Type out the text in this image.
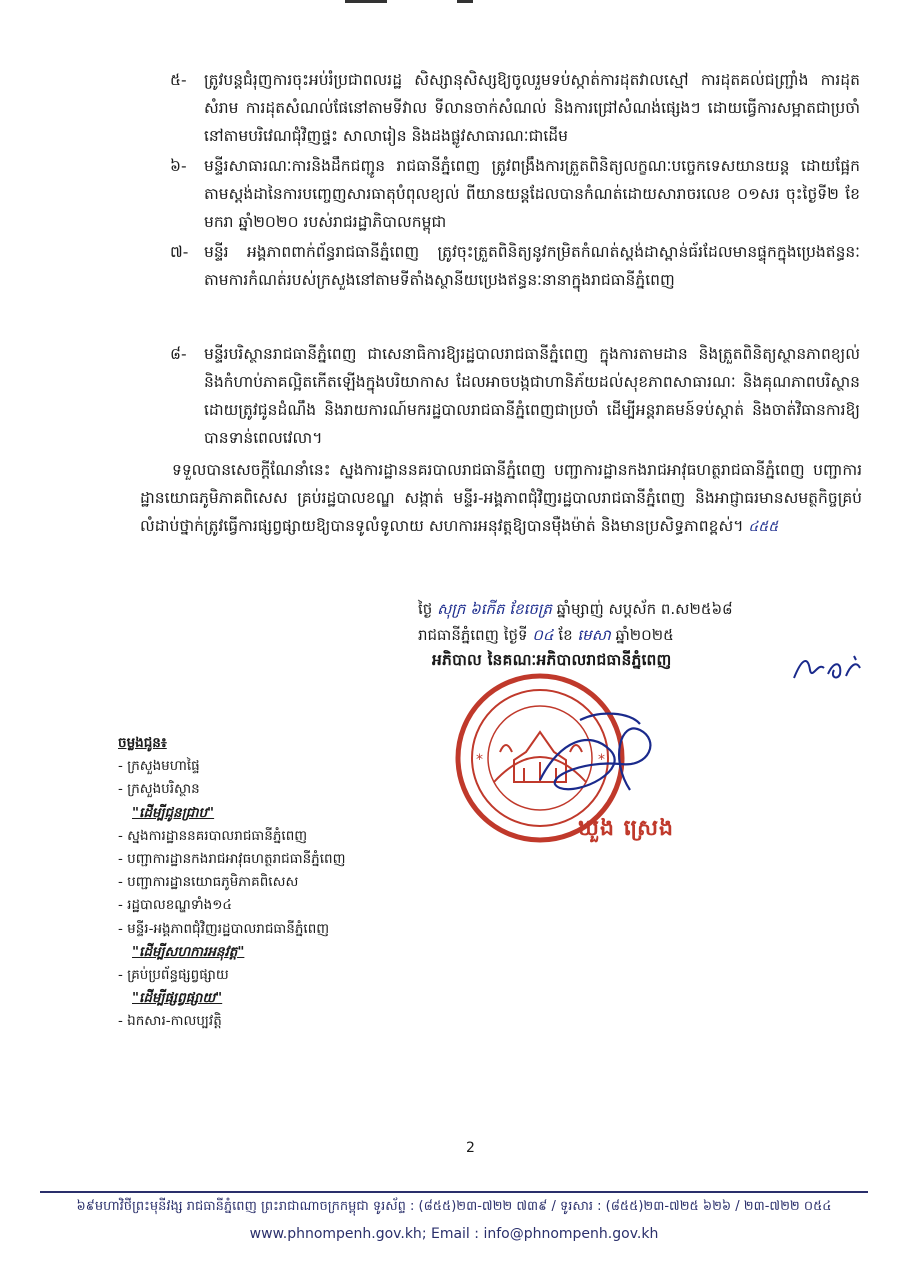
៥-	ត្រូវបន្តជំរុញការចុះអប់រំប្រជាពលរដ្ឋ សិស្សានុសិស្សឱ្យចូលរួមទប់ស្កាត់ការដុតវាលស្មៅ ការដុតគល់ជញ្ជ្រាំង ការដុតសំរាម ការដុតសំណល់ផែនៅតាមទីវាល ទីលានចាក់សំណល់ និងការជ្រៅសំណង់ផ្សេងៗ ដោយធ្វើការសម្អាតជាប្រចាំនៅតាមបរិវេណជុំវិញផ្ទះ សាលារៀន និងដងផ្លូវសាធារណៈជាដើម
៦-	មន្ទីរសាធារណៈការនិងដឹកជញ្ជូន រាជធានីភ្នំពេញ ត្រូវពង្រឹងការត្រួតពិនិត្យលក្ខណៈបច្ចេកទេសយានយន្ត ដោយផ្អែកតាមស្តង់ដានៃការបញ្ចេញសារធាតុបំពុលខ្យល់ ពីយានយន្តដែលបានកំណត់ដោយសារាចរលេខ ០១សរ ចុះថ្ងៃទី២ ខែមករា ឆ្នាំ២០២០ របស់រាជរដ្ឋាភិបាលកម្ពុជា
៧-	មន្ទីរ អង្គភាពពាក់ព័ន្ធរាជធានីភ្នំពេញ ត្រូវចុះត្រួតពិនិត្យនូវកម្រិតកំណត់ស្តង់ដាស្ពាន់ធ័រដែលមានផ្ទុកក្នុងប្រេងឥន្ធនៈ តាមការកំណត់របស់ក្រសួងនៅតាមទីតាំងស្ថានីយប្រេងឥន្ធនៈនានាក្នុងរាជធានីភ្នំពេញ
៨-	មន្ទីរបរិស្ថានរាជធានីភ្នំពេញ ជាសេនាធិការឱ្យរដ្ឋបាលរាជធានីភ្នំពេញ ក្នុងការតាមដាន និងត្រួតពិនិត្យស្ថានភាពខ្យល់ និងកំហាប់ភាគល្អិតកើតឡើងក្នុងបរិយាកាស ដែលអាចបង្កជាហានិភ័យដល់សុខភាពសាធារណៈ និងគុណភាពបរិស្ថាន ដោយត្រូវជូនដំណឹង និងរាយការណ៍មករដ្ឋបាលរាជធានីភ្នំពេញជាប្រចាំ ដើម្បីអន្តរាគមន៍ទប់ស្កាត់ និងចាត់វិធានការឱ្យបានទាន់ពេលវេលា។
ទទួលបានសេចក្តីណែនាំនេះ ស្នងការដ្ឋាននគរបាលរាជធានីភ្នំពេញ បញ្ជាការដ្ឋានកងរាជអាវុធហត្ថរាជធានីភ្នំពេញ បញ្ជាការដ្ឋានយោធភូមិភាគពិសេស គ្រប់រដ្ឋបាលខណ្ឌ សង្កាត់ មន្ទីរ-អង្គភាពជុំវិញរដ្ឋបាលរាជធានីភ្នំពេញ និងអាជ្ញាធរមានសមត្ថកិច្ចគ្រប់លំដាប់ថ្នាក់ត្រូវធ្វើការផ្សព្វផ្សាយឱ្យបានទូលំទូលាយ សហការអនុវត្តឱ្យបានម៉ឺងម៉ាត់ និងមានប្រសិទ្ធភាពខ្ពស់។ ៤៥៥
ថ្ងៃ សុក្រ ៦កើត ខែចេត្រ ឆ្នាំម្សាញ់ សប្តស័ក ព.ស២៥៦៨
រាជធានីភ្នំពេញ ថ្ងៃទី ០៤ ខែ មេសា ឆ្នាំ២០២៥
អភិបាល នៃគណៈអភិបាលរាជធានីភ្នំពេញ
*	*
ឃួង ស្រេង
ចម្លងជូន៖
- ក្រសួងមហាផ្ទៃ
- ក្រសួងបរិស្ថាន
"ដើម្បីជូនជ្រាប"
- ស្នងការដ្ឋាននគរបាលរាជធានីភ្នំពេញ
- បញ្ជាការដ្ឋានកងរាជអាវុធហត្ថរាជធានីភ្នំពេញ
- បញ្ជាការដ្ឋានយោធភូមិភាគពិសេស
- រដ្ឋបាលខណ្ឌទាំង១៤
- មន្ទីរ-អង្គភាពជុំវិញរដ្ឋបាលរាជធានីភ្នំពេញ
"ដើម្បីសហការអនុវត្ត"
- គ្រប់ប្រព័ន្ធផ្សព្វផ្សាយ
"ដើម្បីផ្សព្វផ្សាយ"
- ឯកសារ-កាលប្បវត្តិ
2
៦៩មហាវិថីព្រះមុនីវង្ស រាជធានីភ្នំពេញ ព្រះរាជាណាចក្រកម្ពុជា ទូរស័ព្ទ : (៨៥៥)២៣-៧២២ ៧៣៩ / ទូរសារ : (៨៥៥)២៣-៧២៥ ៦២៦ / ២៣-៧២២ ០៥៤
www.phnompenh.gov.kh; Email : info@phnompenh.gov.kh
